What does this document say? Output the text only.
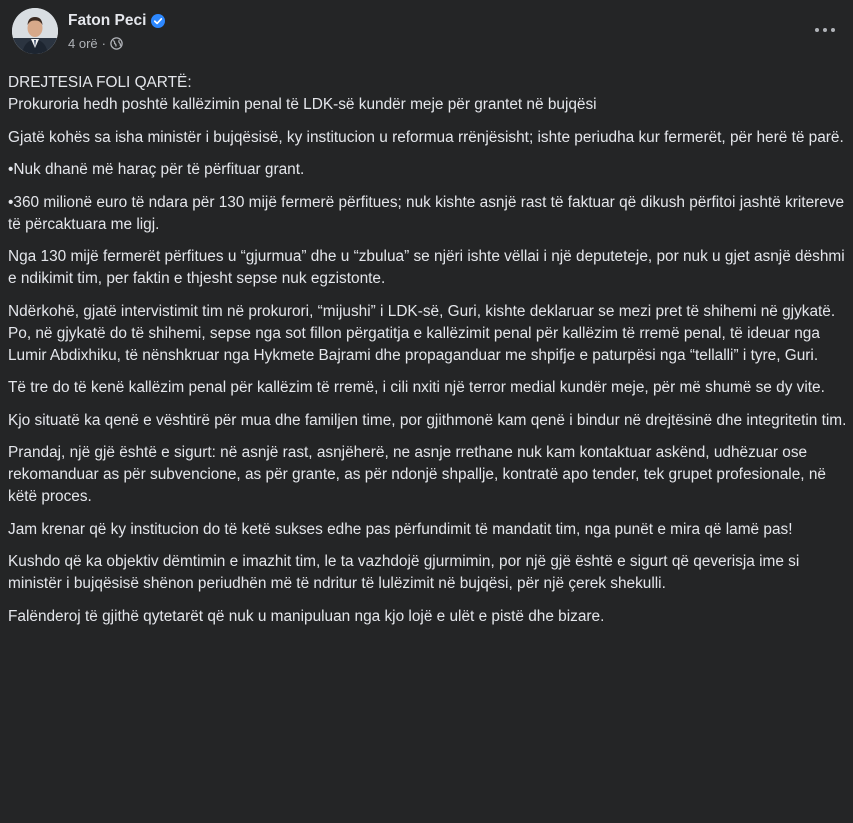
Faton Peci
4 orë ·

DREJTESIA FOLI QARTË:
Prokuroria hedh poshtë kallëzimin penal të LDK-së kundër meje për grantet në bujqësi

Gjatë kohës sa isha ministër i bujqësisë, ky institucion u reformua rrënjësisht; ishte periudha kur fermerët, për herë të parë.

•Nuk dhanë më haraç për të përfituar grant.

•360 milionë euro të ndara për 130 mijë fermerë përfitues; nuk kishte asnjë rast të faktuar që dikush përfitoi jashtë kritereve të përcaktuara me ligj.

Nga 130 mijë fermerët përfitues u “gjurmua” dhe u “zbulua” se njëri ishte vëllai i një deputeteje, por nuk u gjet asnjë dëshmi e ndikimit tim, per faktin e thjesht sepse nuk egzistonte.

Ndërkohë, gjatë intervistimit tim në prokurori, “mijushi” i LDK-së, Guri, kishte deklaruar se mezi pret të shihemi në gjykatë. Po, në gjykatë do të shihemi, sepse nga sot fillon përgatitja e kallëzimit penal për kallëzim të rremë penal, të ideuar nga Lumir Abdixhiku, të nënshkruar nga Hykmete Bajrami dhe propaganduar me shpifje e paturpësi nga “tellalli” i tyre, Guri.

Të tre do të kenë kallëzim penal për kallëzim të rremë, i cili nxiti një terror medial kundër meje, për më shumë se dy vite.

Kjo situatë ka qenë e vështirë për mua dhe familjen time, por gjithmonë kam qenë i bindur në drejtësinë dhe integritetin tim.

Prandaj, një gjë është e sigurt: në asnjë rast, asnjëherë, ne asnje rrethane nuk kam kontaktuar askënd, udhëzuar ose rekomanduar as për subvencione, as për grante, as për ndonjë shpallje, kontratë apo tender, tek grupet profesionale, në këtë proces.

Jam krenar që ky institucion do të ketë sukses edhe pas përfundimit të mandatit tim, nga punët e mira që lamë pas!

Kushdo që ka objektiv dëmtimin e imazhit tim, le ta vazhdojë gjurmimin, por një gjë është e sigurt që qeverisja ime si ministër i bujqësisë shënon periudhën më të ndritur të lulëzimit në bujqësi, për një çerek shekulli.

Falënderoj të gjithë qytetarët që nuk u manipuluan nga kjo lojë e ulët e pistë dhe bizare.
